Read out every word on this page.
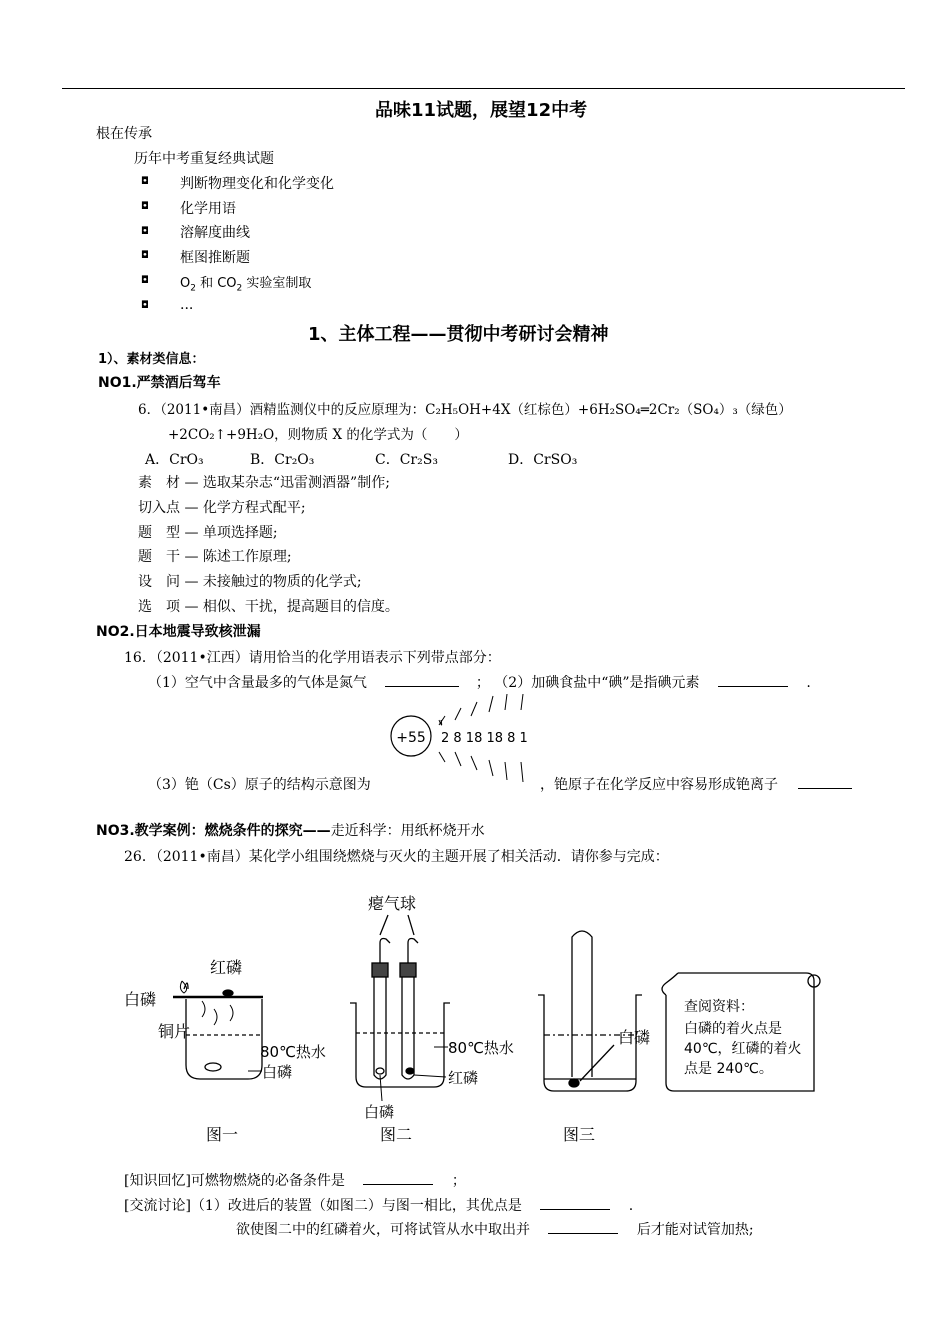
品味11试题，展望12中考
根在传承
历年中考重复经典试题
◘ 判断物理变化和化学变化
◘ 化学用语
◘ 溶解度曲线
◘ 框图推断题
◘ $O_2$ 和 $CO_2$ 实验室制取
◘ ...
1、主体工程——贯彻中考研讨会精神
1）、素材类信息：
NO1.严禁酒后驾车
6．（2011•南昌）酒精监测仪中的反应原理为：C₂H₅OH+4X（红棕色）+6H₂SO₄═2Cr₂（SO₄）₃（绿色）
+2CO₂↑+9H₂O，则物质 X 的化学式为（　　）
A．CrO₃	B．Cr₂O₃	C．Cr₂S₃	D．CrSO₃
素　材 — 选取某杂志“迅雷测酒器”制作;
切入点 — 化学方程式配平;
题　型 — 单项选择题;
题　干 — 陈述工作原理;
设　问 — 未接触过的物质的化学式;
选　项 — 相似、干扰，提高题目的信度。
NO2.日本地震导致核泄漏
16．（2011•江西）请用恰当的化学用语表示下列带点部分：
（1）空气中含量最多的气体是氮气	； （2）加碘食盐中“碘”是指碘元素	.
+55 2 8 18 18 8 1
（3）铯（Cs）原子的结构示意图为	，铯原子在化学反应中容易形成铯离子
NO3.教学案例：燃烧条件的探究——走近科学：用纸杯烧开水
26．（2011•南昌）某化学小组围绕燃烧与灭火的主题开展了相关活动．请你参与完成：
红磷
白磷
铜片
80℃热水
白磷
图一
瘪气球
80℃热水
红磷
白磷
图二
白磷
图三
查阅资料：
白磷的着火点是
40℃，红磷的着火
点是 240℃。
[知识回忆]可燃物燃烧的必备条件是	；
[交流讨论]（1）改进后的装置（如图二）与图一相比，其优点是	.
欲使图二中的红磷着火，可将试管从水中取出并	后才能对试管加热;
